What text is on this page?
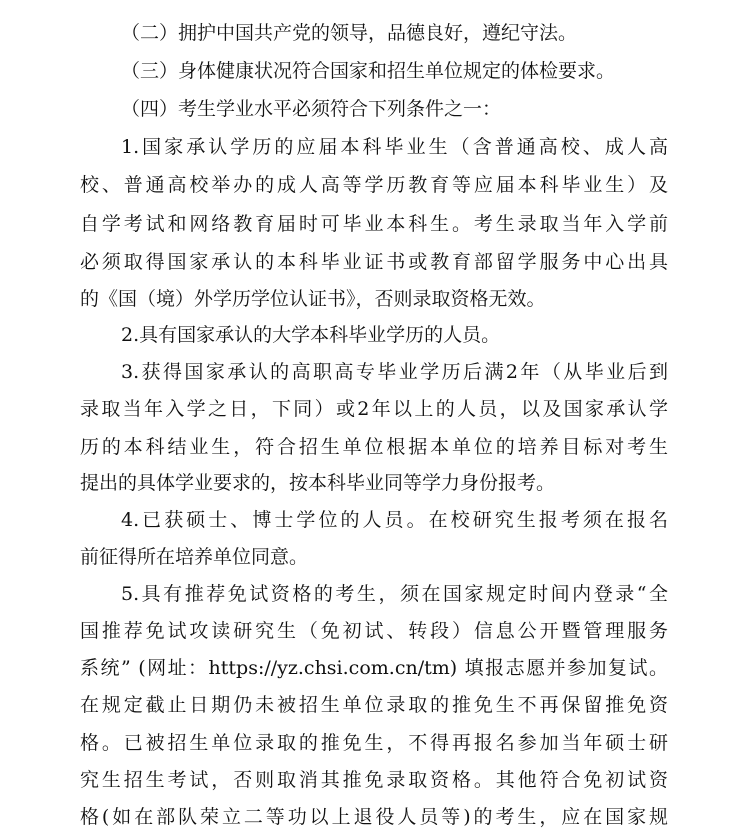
（二）拥护中国共产党的领导，品德良好，遵纪守法。
（三）身体健康状况符合国家和招生单位规定的体检要求。
（四）考生学业水平必须符合下列条件之一：
1.国家承认学历的应届本科毕业生（含普通高校、成人高
校、普通高校举办的成人高等学历教育等应届本科毕业生）及
自学考试和网络教育届时可毕业本科生。考生录取当年入学前
必须取得国家承认的本科毕业证书或教育部留学服务中心出具
的《国（境）外学历学位认证书》，否则录取资格无效。
2.具有国家承认的大学本科毕业学历的人员。
3.获得国家承认的高职高专毕业学历后满2年（从毕业后到
录取当年入学之日，下同）或2年以上的人员，以及国家承认学
历的本科结业生，符合招生单位根据本单位的培养目标对考生
提出的具体学业要求的，按本科毕业同等学力身份报考。
4.已获硕士、博士学位的人员。在校研究生报考须在报名
前征得所在培养单位同意。
5.具有推荐免试资格的考生，须在国家规定时间内登录“全
国推荐免试攻读研究生（免初试、转段）信息公开暨管理服务
系统” (网址：https://yz.chsi.com.cn/tm) 填报志愿并参加复试。
在规定截止日期仍未被招生单位录取的推免生不再保留推免资
格。已被招生单位录取的推免生，不得再报名参加当年硕士研
究生招生考试，否则取消其推免录取资格。其他符合免初试资
格(如在部队荣立二等功以上退役人员等)的考生，应在国家规
